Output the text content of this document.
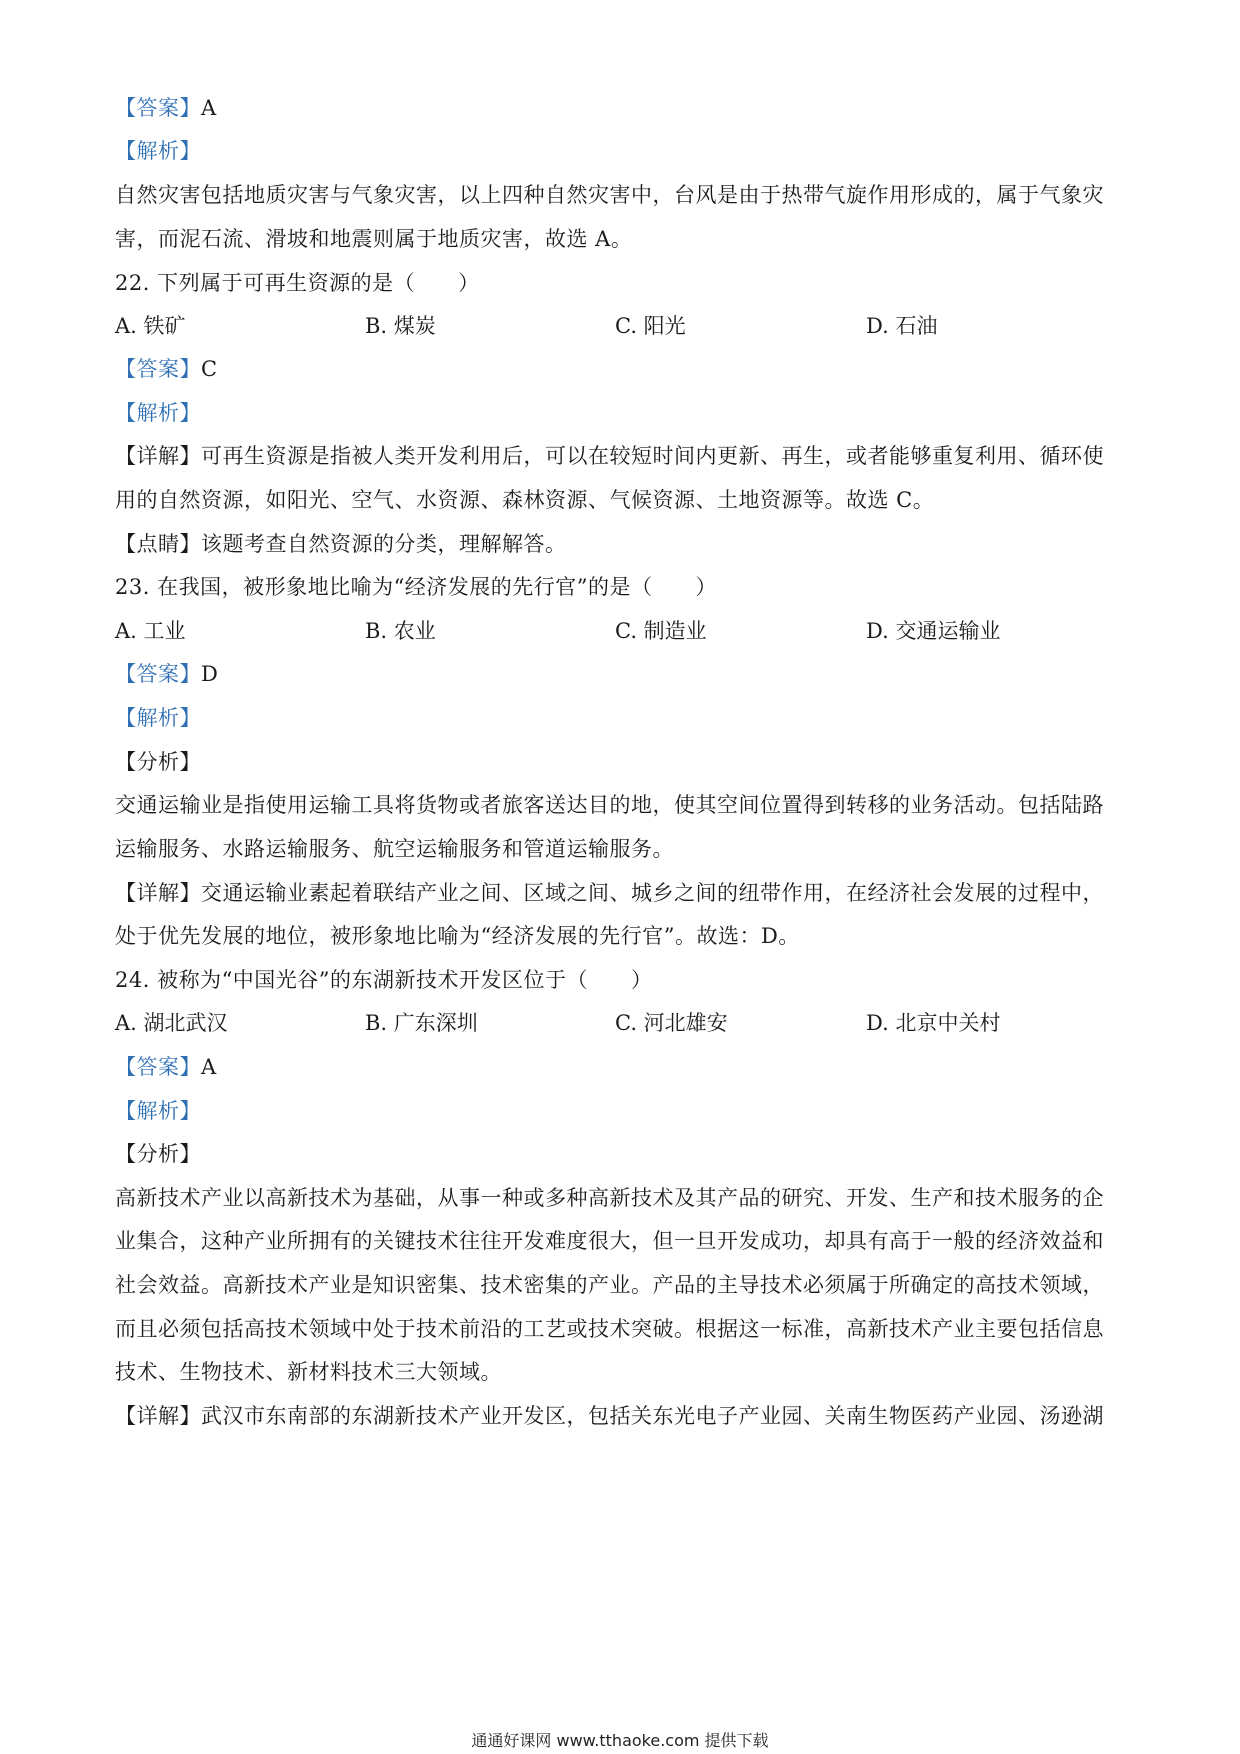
【答案】A
【解析】
自然灾害包括地质灾害与气象灾害，以上四种自然灾害中，台风是由于热带气旋作用形成的，属于气象灾
害，而泥石流、滑坡和地震则属于地质灾害，故选 A。
22. 下列属于可再生资源的是（　　）
A. 铁矿	B. 煤炭	C. 阳光	D. 石油
【答案】C
【解析】
【详解】可再生资源是指被人类开发利用后，可以在较短时间内更新、再生，或者能够重复利用、循环使
用的自然资源，如阳光、空气、水资源、森林资源、气候资源、土地资源等。故选 C。
【点睛】该题考查自然资源的分类，理解解答。
23. 在我国，被形象地比喻为“经济发展的先行官”的是（　　）
A. 工业	B. 农业	C. 制造业	D. 交通运输业
【答案】D
【解析】
【分析】
交通运输业是指使用运输工具将货物或者旅客送达目的地，使其空间位置得到转移的业务活动。包括陆路
运输服务、水路运输服务、航空运输服务和管道运输服务。
【详解】交通运输业素起着联结产业之间、区域之间、城乡之间的纽带作用，在经济社会发展的过程中，
处于优先发展的地位，被形象地比喻为“经济发展的先行官”。故选：D。
24. 被称为“中国光谷”的东湖新技术开发区位于（　　）
A. 湖北武汉	B. 广东深圳	C. 河北雄安	D. 北京中关村
【答案】A
【解析】
【分析】
高新技术产业以高新技术为基础，从事一种或多种高新技术及其产品的研究、开发、生产和技术服务的企
业集合，这种产业所拥有的关键技术往往开发难度很大，但一旦开发成功，却具有高于一般的经济效益和
社会效益。高新技术产业是知识密集、技术密集的产业。产品的主导技术必须属于所确定的高技术领域，
而且必须包括高技术领域中处于技术前沿的工艺或技术突破。根据这一标准，高新技术产业主要包括信息
技术、生物技术、新材料技术三大领域。
【详解】武汉市东南部的东湖新技术产业开发区，包括关东光电子产业园、关南生物医药产业园、汤逊湖
通通好课网 www.tthaoke.com 提供下载
